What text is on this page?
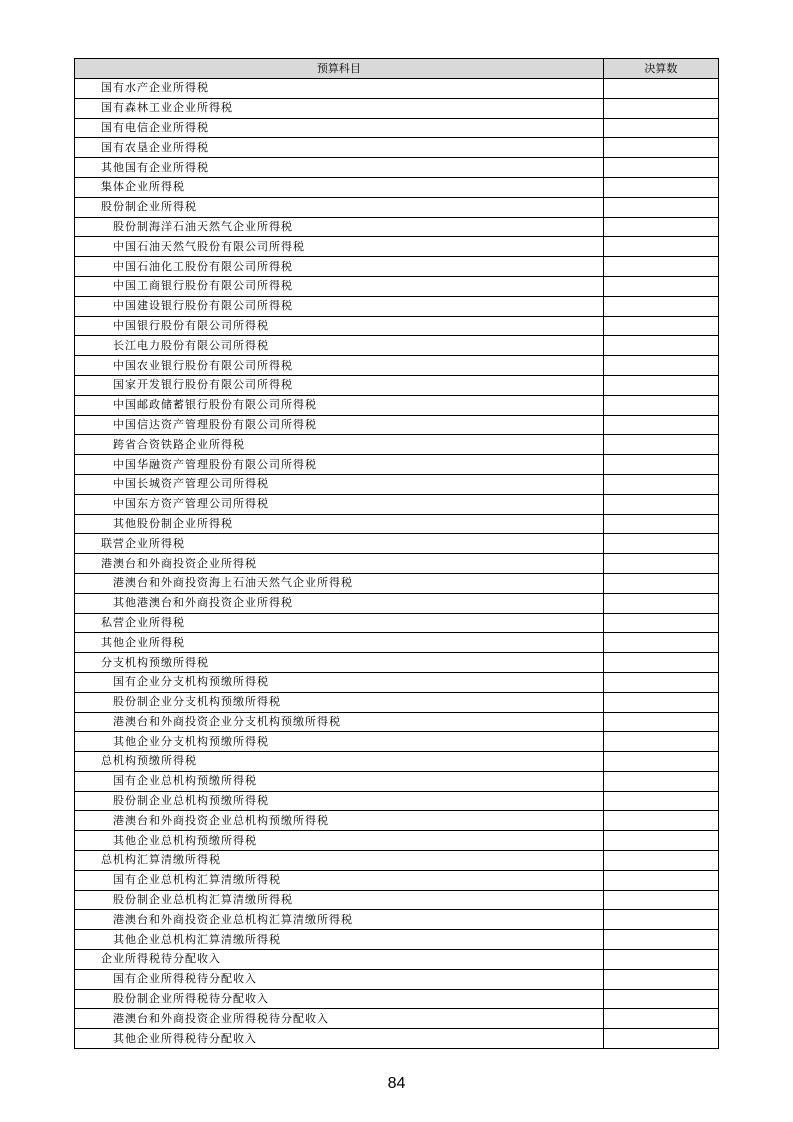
预算科目	决算数
国有水产企业所得税	
国有森林工业企业所得税	
国有电信企业所得税	
国有农垦企业所得税	
其他国有企业所得税	
集体企业所得税	
股份制企业所得税	
股份制海洋石油天然气企业所得税	
中国石油天然气股份有限公司所得税	
中国石油化工股份有限公司所得税	
中国工商银行股份有限公司所得税	
中国建设银行股份有限公司所得税	
中国银行股份有限公司所得税	
长江电力股份有限公司所得税	
中国农业银行股份有限公司所得税	
国家开发银行股份有限公司所得税	
中国邮政储蓄银行股份有限公司所得税	
中国信达资产管理股份有限公司所得税	
跨省合资铁路企业所得税	
中国华融资产管理股份有限公司所得税	
中国长城资产管理公司所得税	
中国东方资产管理公司所得税	
其他股份制企业所得税	
联营企业所得税	
港澳台和外商投资企业所得税	
港澳台和外商投资海上石油天然气企业所得税	
其他港澳台和外商投资企业所得税	
私营企业所得税	
其他企业所得税	
分支机构预缴所得税	
国有企业分支机构预缴所得税	
股份制企业分支机构预缴所得税	
港澳台和外商投资企业分支机构预缴所得税	
其他企业分支机构预缴所得税	
总机构预缴所得税	
国有企业总机构预缴所得税	
股份制企业总机构预缴所得税	
港澳台和外商投资企业总机构预缴所得税	
其他企业总机构预缴所得税	
总机构汇算清缴所得税	
国有企业总机构汇算清缴所得税	
股份制企业总机构汇算清缴所得税	
港澳台和外商投资企业总机构汇算清缴所得税	
其他企业总机构汇算清缴所得税	
企业所得税待分配收入	
国有企业所得税待分配收入	
股份制企业所得税待分配收入	
港澳台和外商投资企业所得税待分配收入	
其他企业所得税待分配收入	
84
